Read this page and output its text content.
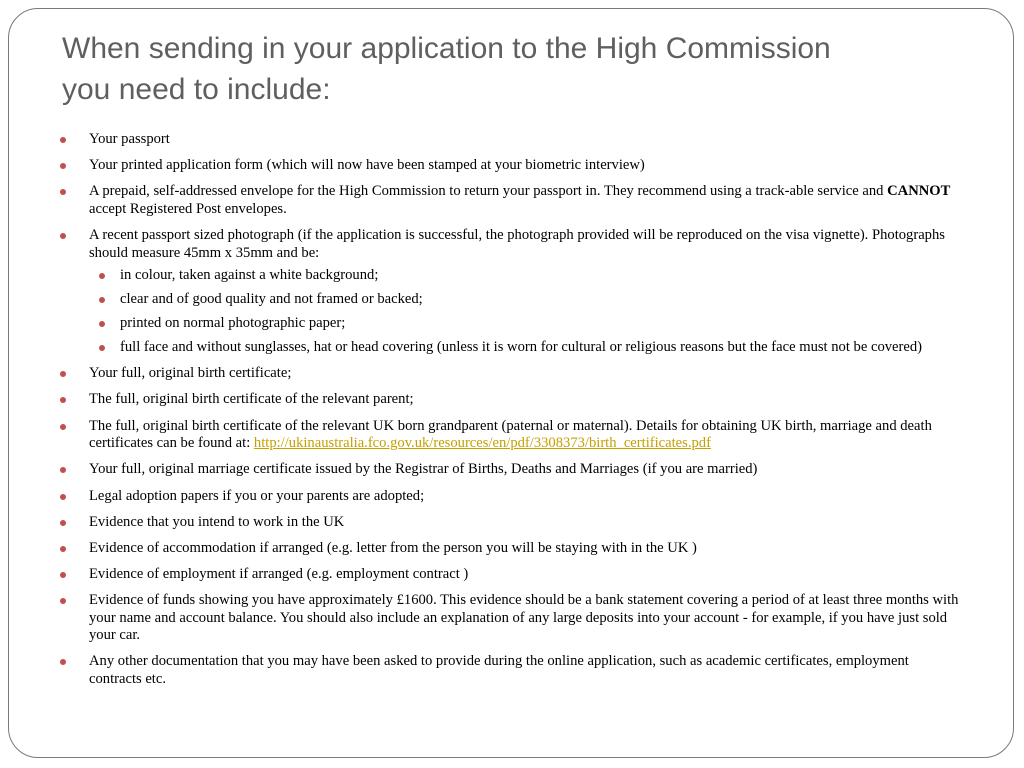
When sending in your application to the High Commission
you need to include:
Your passport
Your printed application form (which will now have been stamped at your biometric interview)
A prepaid, self-addressed envelope for the High Commission to return your passport in. They recommend using a track-able service and CANNOT accept Registered Post envelopes.
A recent passport sized photograph (if the application is successful, the photograph provided will be reproduced on the visa vignette). Photographs should measure 45mm x 35mm and be:
in colour, taken against a white background;
clear and of good quality and not framed or backed;
printed on normal photographic paper;
full face and without sunglasses, hat or head covering (unless it is worn for cultural or religious reasons but the face must not be covered)
Your full, original birth certificate;
The full, original birth certificate of the relevant parent;
The full, original birth certificate of the relevant UK born grandparent (paternal or maternal). Details for obtaining UK birth, marriage and death certificates can be found at: http://ukinaustralia.fco.gov.uk/resources/en/pdf/3308373/birth_certificates.pdf
Your full, original marriage certificate issued by the Registrar of Births, Deaths and Marriages (if you are married)
Legal adoption papers if you or your parents are adopted;
Evidence that you intend to work in the UK
Evidence of accommodation if arranged (e.g. letter from the person you will be staying with in the UK )
Evidence of employment if arranged (e.g. employment contract )
Evidence of funds showing you have approximately £1600. This evidence should be a bank statement covering a period of at least three months with your name and account balance. You should also include an explanation of any large deposits into your account - for example, if you have just sold your car.
Any other documentation that you may have been asked to provide during the online application, such as academic certificates, employment contracts etc.
